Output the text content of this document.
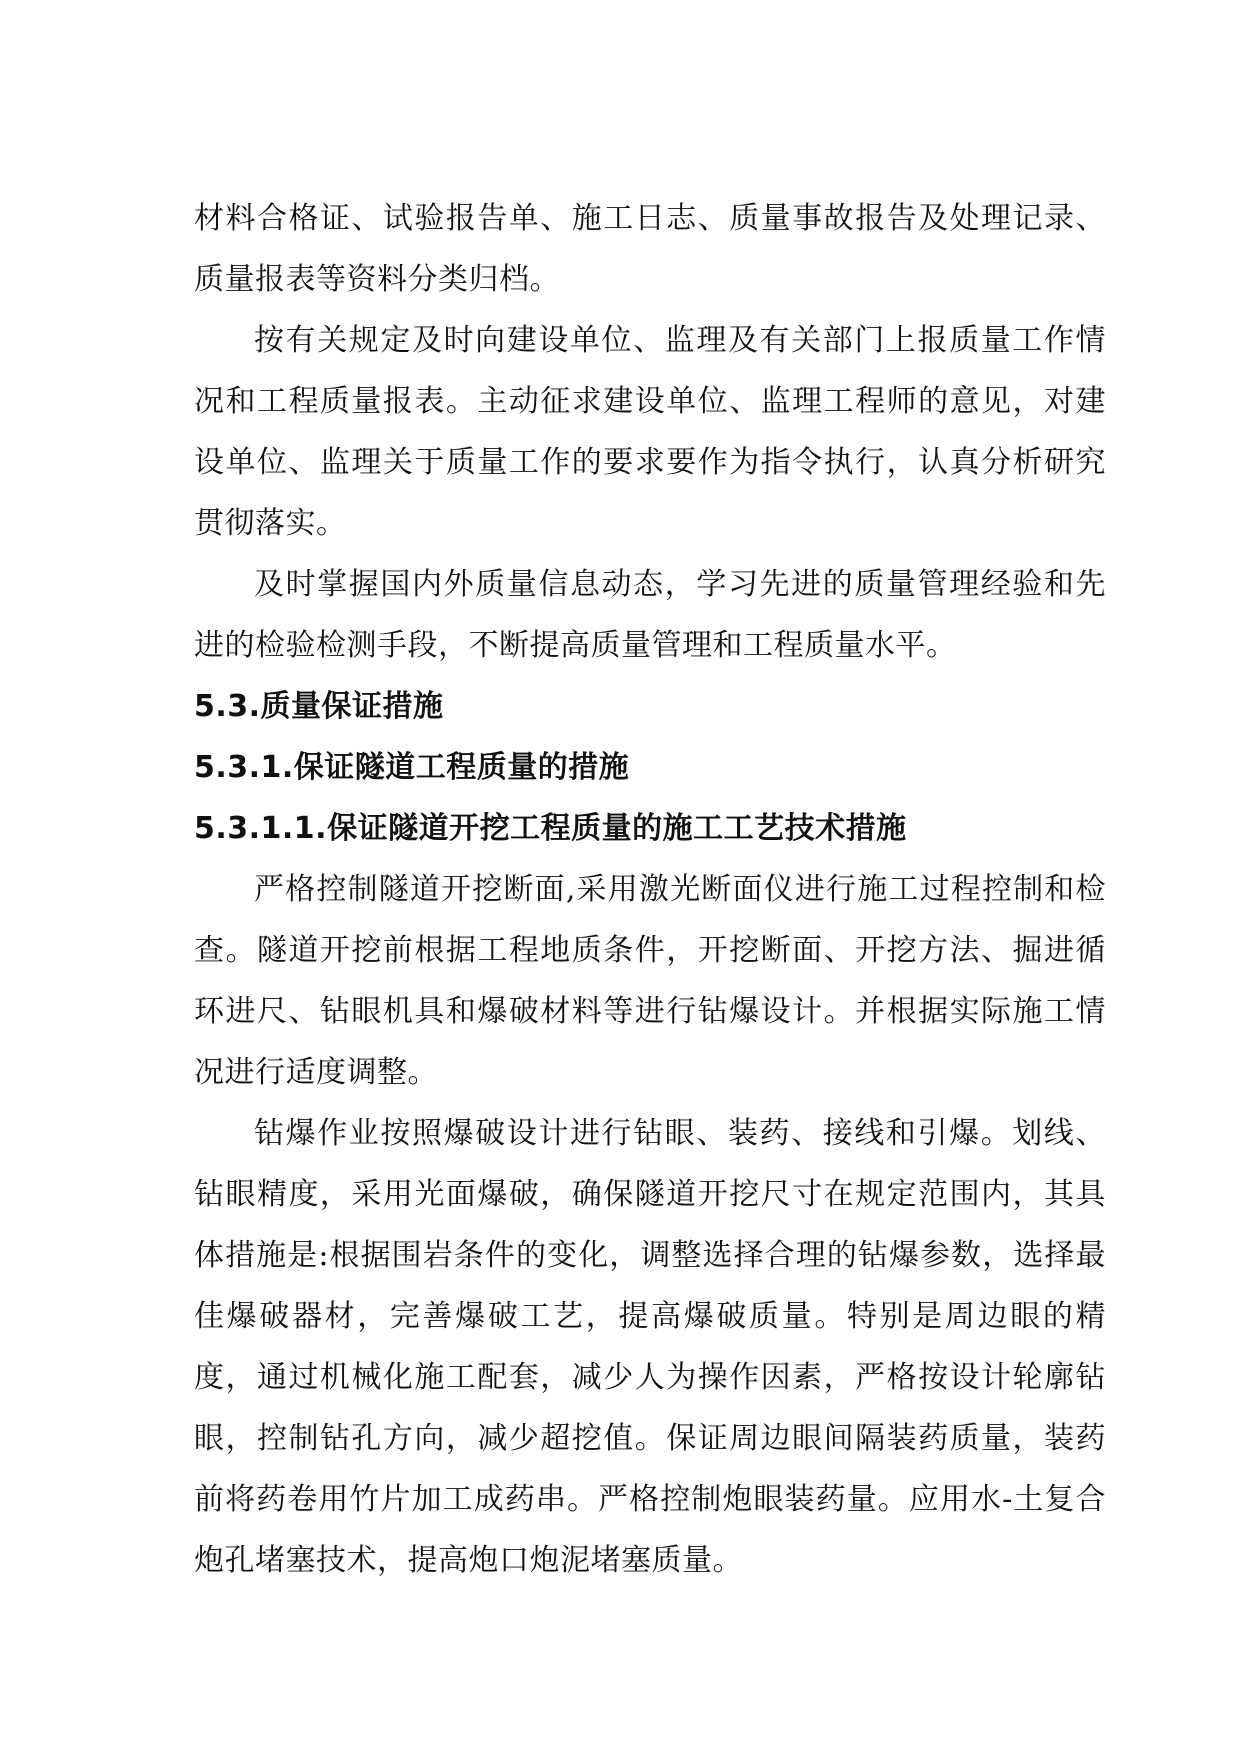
材料合格证、试验报告单、施工日志、质量事故报告及处理记录、质量报表等资料分类归档。

按有关规定及时向建设单位、监理及有关部门上报质量工作情况和工程质量报表。主动征求建设单位、监理工程师的意见，对建设单位、监理关于质量工作的要求要作为指令执行，认真分析研究贯彻落实。

及时掌握国内外质量信息动态，学习先进的质量管理经验和先进的检验检测手段，不断提高质量管理和工程质量水平。

5.3.质量保证措施
5.3.1.保证隧道工程质量的措施
5.3.1.1.保证隧道开挖工程质量的施工工艺技术措施

严格控制隧道开挖断面,采用激光断面仪进行施工过程控制和检查。隧道开挖前根据工程地质条件，开挖断面、开挖方法、掘进循环进尺、钻眼机具和爆破材料等进行钻爆设计。并根据实际施工情况进行适度调整。

钻爆作业按照爆破设计进行钻眼、装药、接线和引爆。划线、钻眼精度，采用光面爆破，确保隧道开挖尺寸在规定范围内，其具体措施是:根据围岩条件的变化，调整选择合理的钻爆参数，选择最佳爆破器材，完善爆破工艺，提高爆破质量。特别是周边眼的精度，通过机械化施工配套，减少人为操作因素，严格按设计轮廓钻眼，控制钻孔方向，减少超挖值。保证周边眼间隔装药质量，装药前将药卷用竹片加工成药串。严格控制炮眼装药量。应用水-土复合炮孔堵塞技术，提高炮口炮泥堵塞质量。
